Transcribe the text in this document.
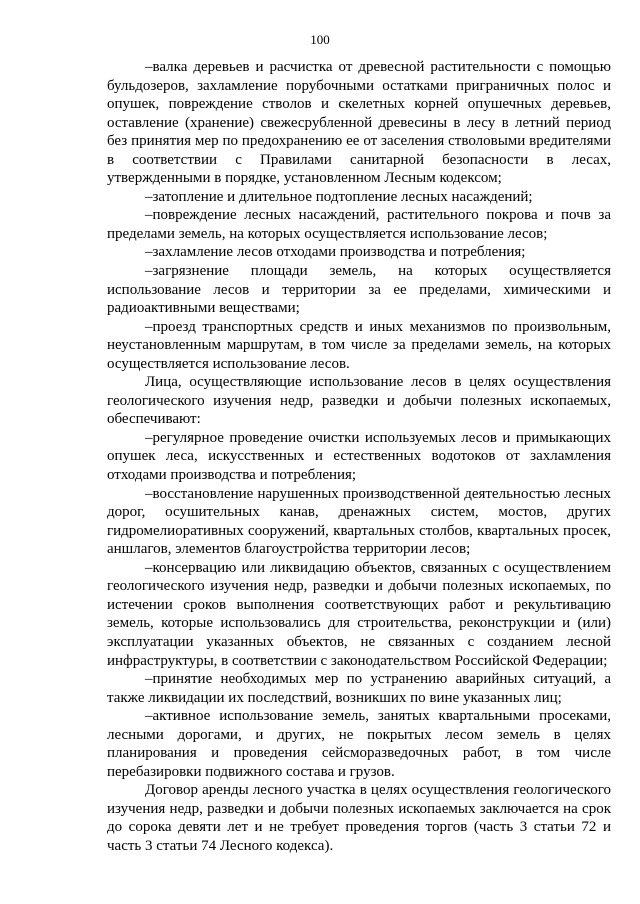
100

–валка деревьев и расчистка от древесной растительности с помощью бульдозеров, захламление порубочными остатками приграничных полос и опушек, повреждение стволов и скелетных корней опушечных деревьев, оставление (хранение) свежесрубленной древесины в лесу в летний период без принятия мер по предохранению ее от заселения стволовыми вредителями в соответствии с Правилами санитарной безопасности в лесах, утвержденными в порядке, установленном Лесным кодексом;

–затопление и длительное подтопление лесных насаждений;

–повреждение лесных насаждений, растительного покрова и почв за пределами земель, на которых осуществляется использование лесов;

–захламление лесов отходами производства и потребления;

–загрязнение площади земель, на которых осуществляется использование лесов и территории за ее пределами, химическими и радиоактивными веществами;

–проезд транспортных средств и иных механизмов по произвольным, неустановленным маршрутам, в том числе за пределами земель, на которых осуществляется использование лесов.

Лица, осуществляющие использование лесов в целях осуществления геологического изучения недр, разведки и добычи полезных ископаемых, обеспечивают:

–регулярное проведение очистки используемых лесов и примыкающих опушек леса, искусственных и естественных водотоков от захламления отходами производства и потребления;

–восстановление нарушенных производственной деятельностью лесных дорог, осушительных канав, дренажных систем, мостов, других гидромелиоративных сооружений, квартальных столбов, квартальных просек, аншлагов, элементов благоустройства территории лесов;

–консервацию или ликвидацию объектов, связанных с осуществлением геологического изучения недр, разведки и добычи полезных ископаемых, по истечении сроков выполнения соответствующих работ и рекультивацию земель, которые использовались для строительства, реконструкции и (или) эксплуатации указанных объектов, не связанных с созданием лесной инфраструктуры, в соответствии с законодательством Российской Федерации;

–принятие необходимых мер по устранению аварийных ситуаций, а также ликвидации их последствий, возникших по вине указанных лиц;

–активное использование земель, занятых квартальными просеками, лесными дорогами, и других, не покрытых лесом земель в целях планирования и проведения сейсморазведочных работ, в том числе перебазировки подвижного состава и грузов.

Договор аренды лесного участка в целях осуществления геологического изучения недр, разведки и добычи полезных ископаемых заключается на срок до сорока девяти лет и не требует проведения торгов (часть 3 статьи 72 и часть 3 статьи 74 Лесного кодекса).
